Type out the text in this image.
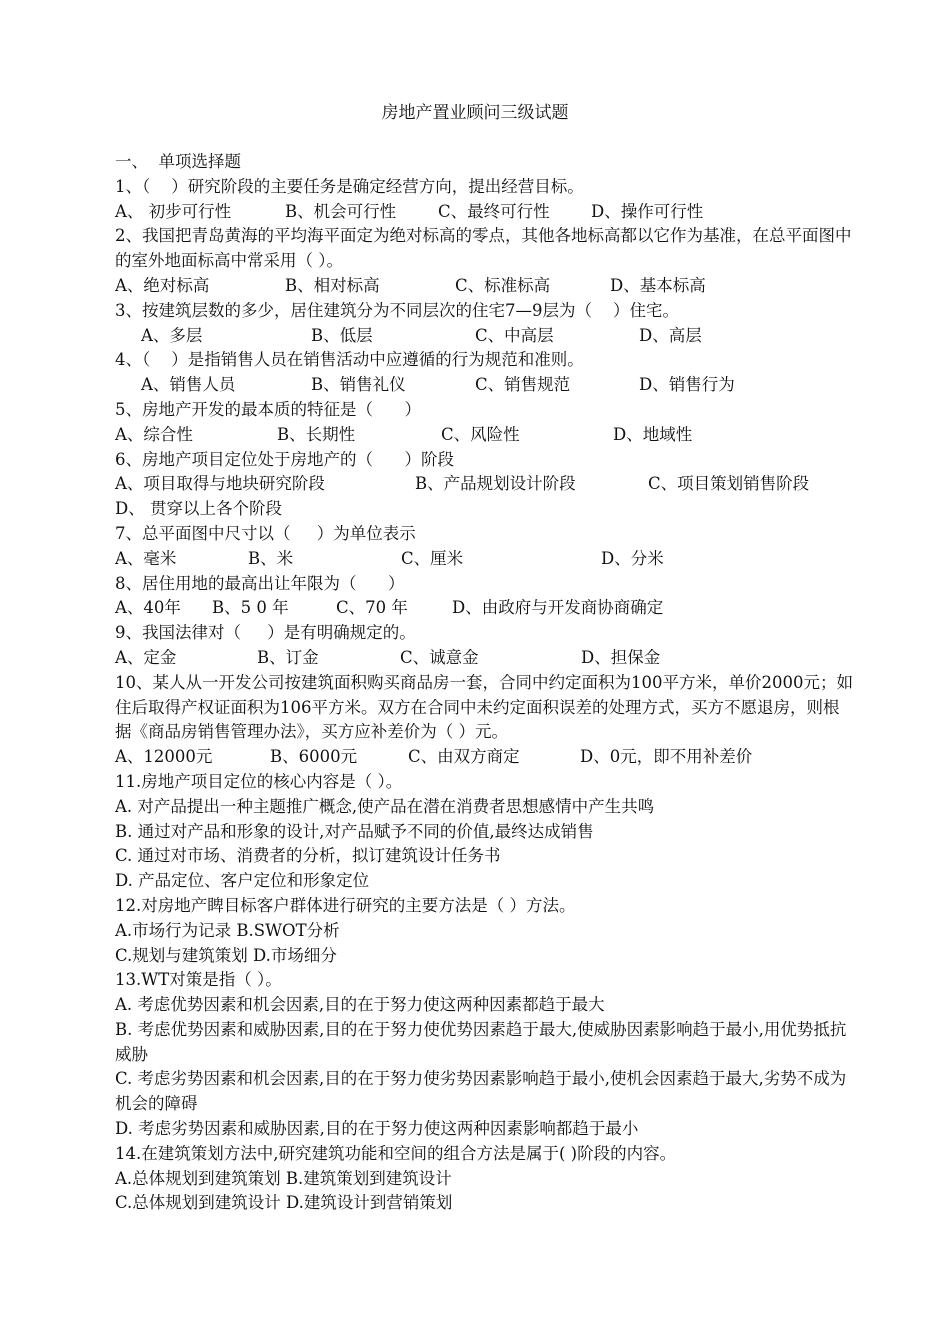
房地产置业顾问三级试题
一、  单项选择题
1、（    ）研究阶段的主要任务是确定经营方向，提出经营目标。
A、 初步可行性	B、机会可行性	C、最终可行性	D、操作可行性
2、我国把青岛黄海的平均海平面定为绝对标高的零点，其他各地标高都以它作为基准，在总平面图中的室外地面标高中常采用（ ）。
A、绝对标高	B、相对标高	C、标准标高	D、基本标高
3、按建筑层数的多少，居住建筑分为不同层次的住宅7—9层为（    ）住宅。
A、多层	B、低层	C、中高层	D、高层
4、（    ）是指销售人员在销售活动中应遵循的行为规范和准则。
A、销售人员	B、销售礼仪	C、销售规范	D、销售行为
5、房地产开发的最本质的特征是（      ）
A、综合性	B、长期性	C、风险性	D、地域性
6、房地产项目定位处于房地产的（      ）阶段
A、项目取得与地块研究阶段	B、产品规划设计阶段	C、项目策划销售阶段
D、 贯穿以上各个阶段
7、总平面图中尺寸以（     ）为单位表示
A、毫米	B、米	C、厘米	D、分米
8、居住用地的最高出让年限为（      ）
A、40年	B、5 0 年	C、70 年	D、由政府与开发商协商确定
9、我国法律对（     ）是有明确规定的。
A、定金	B、订金	C、诚意金	D、担保金
10、某人从一开发公司按建筑面积购买商品房一套，合同中约定面积为100平方米，单价2000元；如住后取得产权证面积为106平方米。双方在合同中未约定面积误差的处理方式，买方不愿退房，则根据《商品房销售管理办法》，买方应补差价为（ ）元。
A、12000元	B、6000元	C、由双方商定	D、0元，即不用补差价
11.房地产项目定位的核心内容是（ ）。
A. 对产品提出一种主题推广概念,使产品在潜在消费者思想感情中产生共鸣
B. 通过对产品和形象的设计,对产品赋予不同的价值,最终达成销售
C. 通过对市场、消费者的分析，拟订建筑设计任务书
D. 产品定位、客户定位和形象定位
12.对房地产睥目标客户群体进行研究的主要方法是（ ）方法。
A.市场行为记录 B.SWOT分析
C.规划与建筑策划 D.市场细分
13.WT对策是指（ ）。
A. 考虑优势因素和机会因素,目的在于努力使这两种因素都趋于最大
B. 考虑优势因素和威胁因素,目的在于努力使优势因素趋于最大,使威胁因素影响趋于最小,用优势抵抗威胁
C. 考虑劣势因素和机会因素,目的在于努力使劣势因素影响趋于最小,使机会因素趋于最大,劣势不成为机会的障碍
D. 考虑劣势因素和威胁因素,目的在于努力使这两种因素影响都趋于最小
14.在建筑策划方法中,研究建筑功能和空间的组合方法是属于( )阶段的内容。
A.总体规划到建筑策划 B.建筑策划到建筑设计
C.总体规划到建筑设计 D.建筑设计到营销策划
